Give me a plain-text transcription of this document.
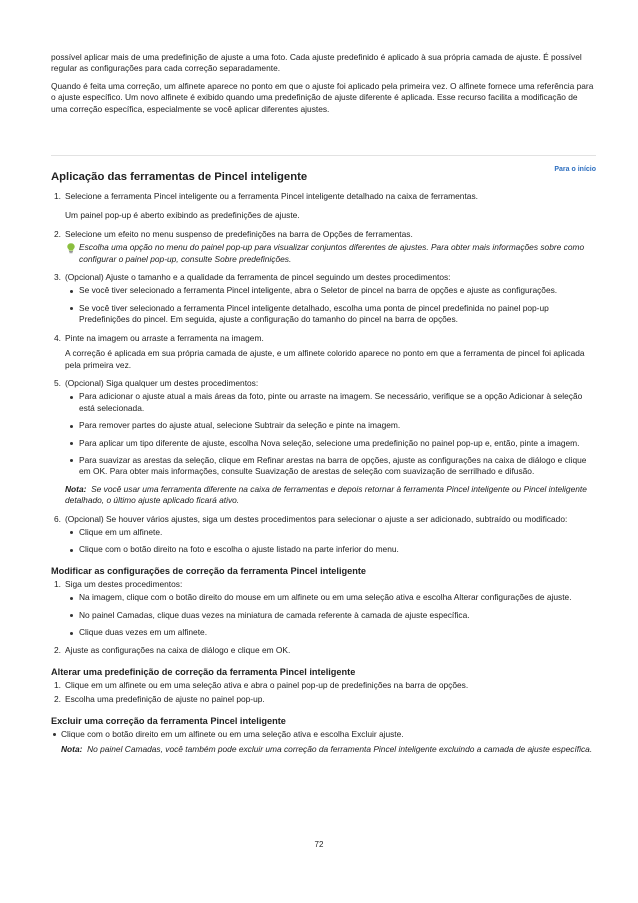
possível aplicar mais de uma predefinição de ajuste a uma foto. Cada ajuste predefinido é aplicado à sua própria camada de ajuste. É possível regular as configurações para cada correção separadamente.

Quando é feita uma correção, um alfinete aparece no ponto em que o ajuste foi aplicado pela primeira vez. O alfinete fornece uma referência para o ajuste específico. Um novo alfinete é exibido quando uma predefinição de ajuste diferente é aplicada. Esse recurso facilita a modificação de uma correção específica, especialmente se você aplicar diferentes ajustes.

Aplicação das ferramentas de Pincel inteligente
Para o início
1. Selecione a ferramenta Pincel inteligente ou a ferramenta Pincel inteligente detalhado na caixa de ferramentas.

Um painel pop-up é aberto exibindo as predefinições de ajuste.

2. Selecione um efeito no menu suspenso de predefinições na barra de Opções de ferramentas.

Escolha uma opção no menu do painel pop-up para visualizar conjuntos diferentes de ajustes. Para obter mais informações sobre como configurar o painel pop-up, consulte Sobre predefinições.

3. (Opcional) Ajuste o tamanho e a qualidade da ferramenta de pincel seguindo um destes procedimentos:

Se você tiver selecionado a ferramenta Pincel inteligente, abra o Seletor de pincel na barra de opções e ajuste as configurações.
Se você tiver selecionado a ferramenta Pincel inteligente detalhado, escolha uma ponta de pincel predefinida no painel pop-up Predefinições do pincel. Em seguida, ajuste a configuração do tamanho do pincel na barra de opções.
4. Pinte na imagem ou arraste a ferramenta na imagem.

A correção é aplicada em sua própria camada de ajuste, e um alfinete colorido aparece no ponto em que a ferramenta de pincel foi aplicada pela primeira vez.

5. (Opcional) Siga qualquer um destes procedimentos:

Para adicionar o ajuste atual a mais áreas da foto, pinte ou arraste na imagem. Se necessário, verifique se a opção Adicionar à seleção está selecionada.
Para remover partes do ajuste atual, selecione Subtrair da seleção e pinte na imagem.
Para aplicar um tipo diferente de ajuste, escolha Nova seleção, selecione uma predefinição no painel pop-up e, então, pinte a imagem.
Para suavizar as arestas da seleção, clique em Refinar arestas na barra de opções, ajuste as configurações na caixa de diálogo e clique em OK. Para obter mais informações, consulte Suavização de arestas de seleção com suavização de serrilhado e difusão.

Nota: Se você usar uma ferramenta diferente na caixa de ferramentas e depois retornar à ferramenta Pincel inteligente ou Pincel inteligente detalhado, o último ajuste aplicado ficará ativo.

6. (Opcional) Se houver vários ajustes, siga um destes procedimentos para selecionar o ajuste a ser adicionado, subtraído ou modificado:

Clique em um alfinete.
Clique com o botão direito na foto e escolha o ajuste listado na parte inferior do menu.
Modificar as configurações de correção da ferramenta Pincel inteligente
1. Siga um destes procedimentos:

Na imagem, clique com o botão direito do mouse em um alfinete ou em uma seleção ativa e escolha Alterar configurações de ajuste.
No painel Camadas, clique duas vezes na miniatura de camada referente à camada de ajuste específica.
Clique duas vezes em um alfinete.
2. Ajuste as configurações na caixa de diálogo e clique em OK.

Alterar uma predefinição de correção da ferramenta Pincel inteligente
1. Clique em um alfinete ou em uma seleção ativa e abra o painel pop-up de predefinições na barra de opções.

2. Escolha uma predefinição de ajuste no painel pop-up.

Excluir uma correção da ferramenta Pincel inteligente

Clique com o botão direito em um alfinete ou em uma seleção ativa e escolha Excluir ajuste.

Nota: No painel Camadas, você também pode excluir uma correção da ferramenta Pincel inteligente excluindo a camada de ajuste específica.

72
